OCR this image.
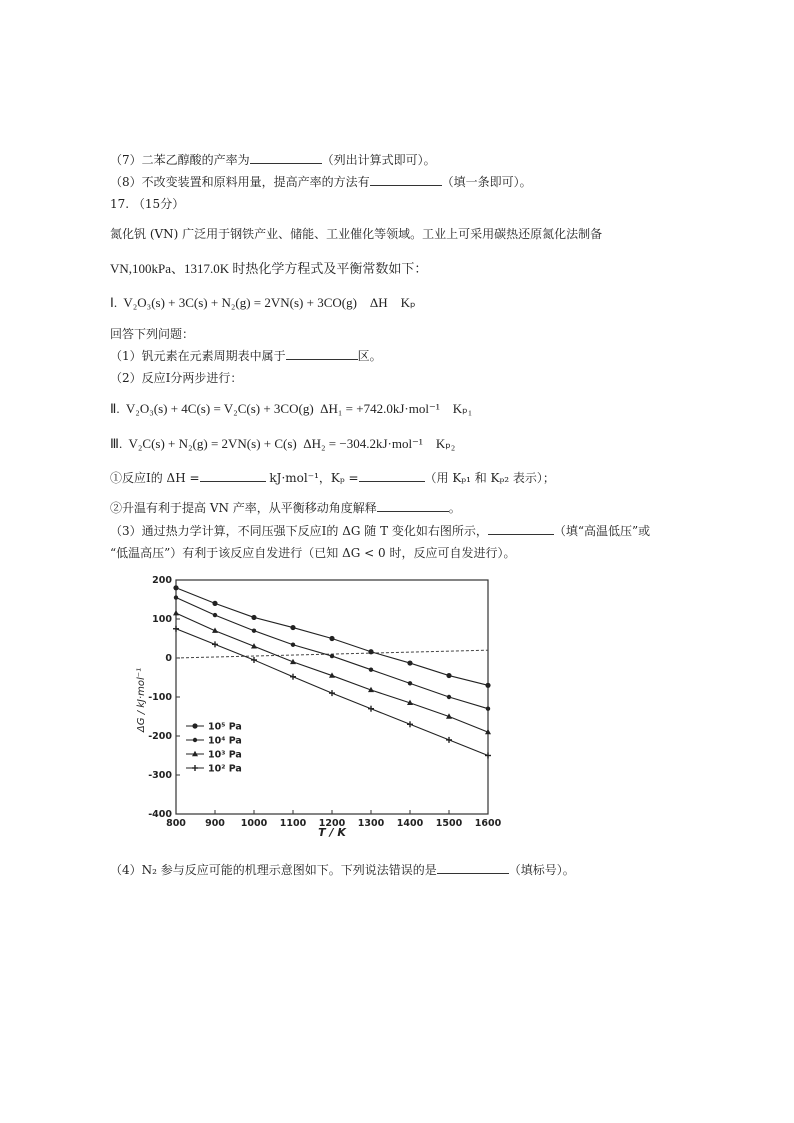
（7）二苯乙醇酸的产率为	（列出计算式即可）。
（8）不改变装置和原料用量，提高产率的方法有	（填一条即可）。
17. （15分）
氮化钒 (VN) 广泛用于钢铁产业、储能、工业催化等领域。工业上可采用碳热还原氮化法制备
VN,100kPa、1317.0K 时热化学方程式及平衡常数如下：
Ⅰ. V₂O₃(s) + 3C(s) + N₂(g) = 2VN(s) + 3CO(g) ΔH Kₚ
回答下列问题：
（1）钒元素在元素周期表中属于	区。
（2）反应Ⅰ分两步进行：
Ⅱ. V₂O₃(s) + 4C(s) = V₂C(s) + 3CO(g) ΔH₁ = +742.0kJ·mol⁻¹ Kₚ₁
Ⅲ. V₂C(s) + N₂(g) = 2VN(s) + C(s) ΔH₂ = −304.2kJ·mol⁻¹ Kₚ₂
①反应Ⅰ的 ΔH =	kJ·mol⁻¹，Kₚ =	（用 Kₚ₁ 和 Kₚ₂ 表示）；
②升温有利于提高 VN 产率，从平衡移动角度解释	。
（3）通过热力学计算，不同压强下反应Ⅰ的 ΔG 随 T 变化如右图所示，	（填“高温低压”或
“低温高压”）有利于该反应自发进行（已知 ΔG < 0 时，反应可自发进行）。
800 900 1000 1100 1200 1300 1400 1500 1600
200
100
0
-100
-200
-300
-400
10⁵ Pa
10⁴ Pa
10³ Pa
10² Pa
ΔG / kJ·mol⁻¹
T / K
（4）N₂ 参与反应可能的机理示意图如下。下列说法错误的是	（填标号）。
